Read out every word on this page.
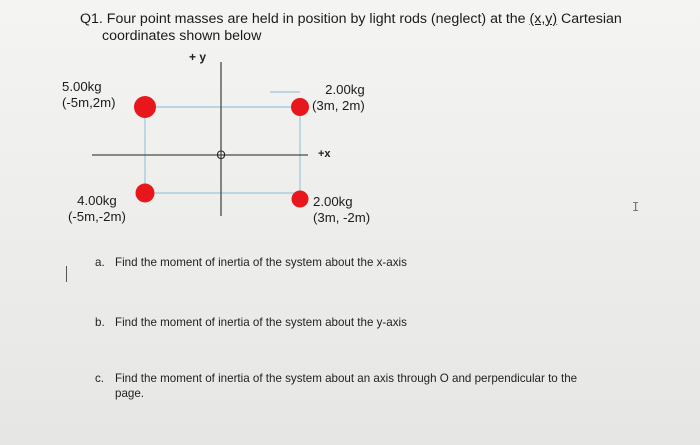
Q1. Four point masses are held in position by light rods (neglect) at the (x,y) Cartesian
coordinates shown below
O
+ y
+x
5.00kg
(-5m,2m)
2.00kg
(3m, 2m)
4.00kg
(-5m,-2m)
2.00kg
(3m, -2m)
a. Find the moment of inertia of the system about the x-axis
b. Find the moment of inertia of the system about the y-axis
c. Find the moment of inertia of the system about an axis through O and perpendicular to the
page.
I
